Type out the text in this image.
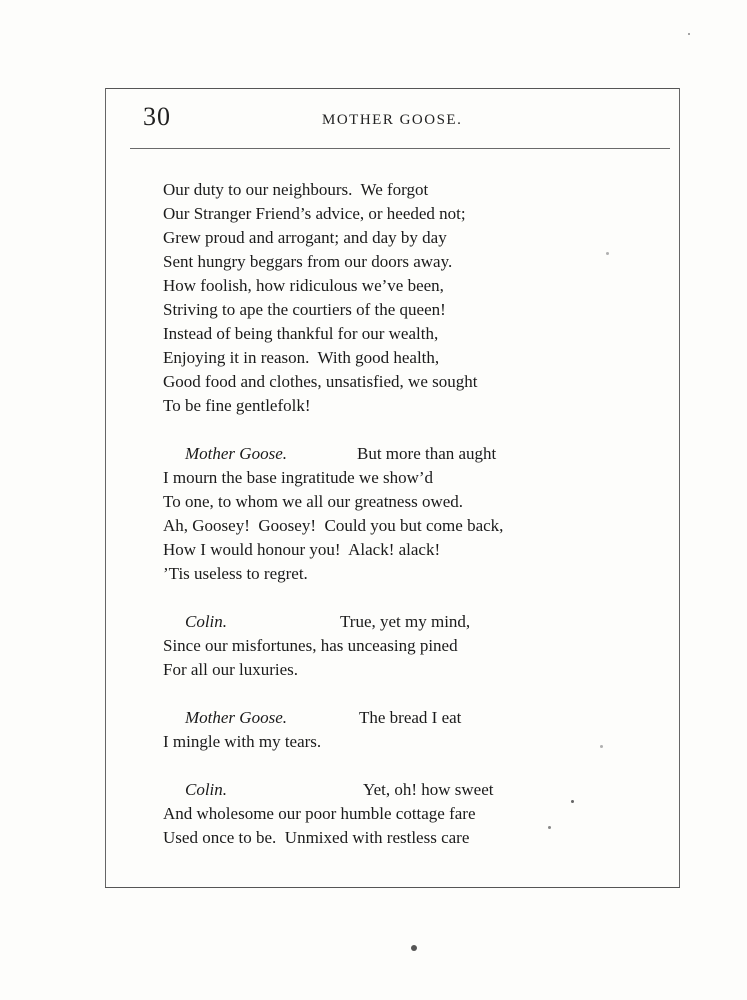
30	MOTHER GOOSE.
Our duty to our neighbours.  We forgot
Our Stranger Friend’s advice, or heeded not;
Grew proud and arrogant; and day by day
Sent hungry beggars from our doors away.
How foolish, how ridiculous we’ve been,
Striving to ape the courtiers of the queen!
Instead of being thankful for our wealth,
Enjoying it in reason.  With good health,
Good food and clothes, unsatisfied, we sought
To be fine gentlefolk!
Mother Goose.	But more than aught
I mourn the base ingratitude we show’d
To one, to whom we all our greatness owed.
Ah, Goosey!  Goosey!  Could you but come back,
How I would honour you!  Alack! alack!
’Tis useless to regret.
Colin.	True, yet my mind,
Since our misfortunes, has unceasing pined
For all our luxuries.
Mother Goose.	The bread I eat
I mingle with my tears.
Colin.	Yet, oh! how sweet
And wholesome our poor humble cottage fare
Used once to be.  Unmixed with restless care
